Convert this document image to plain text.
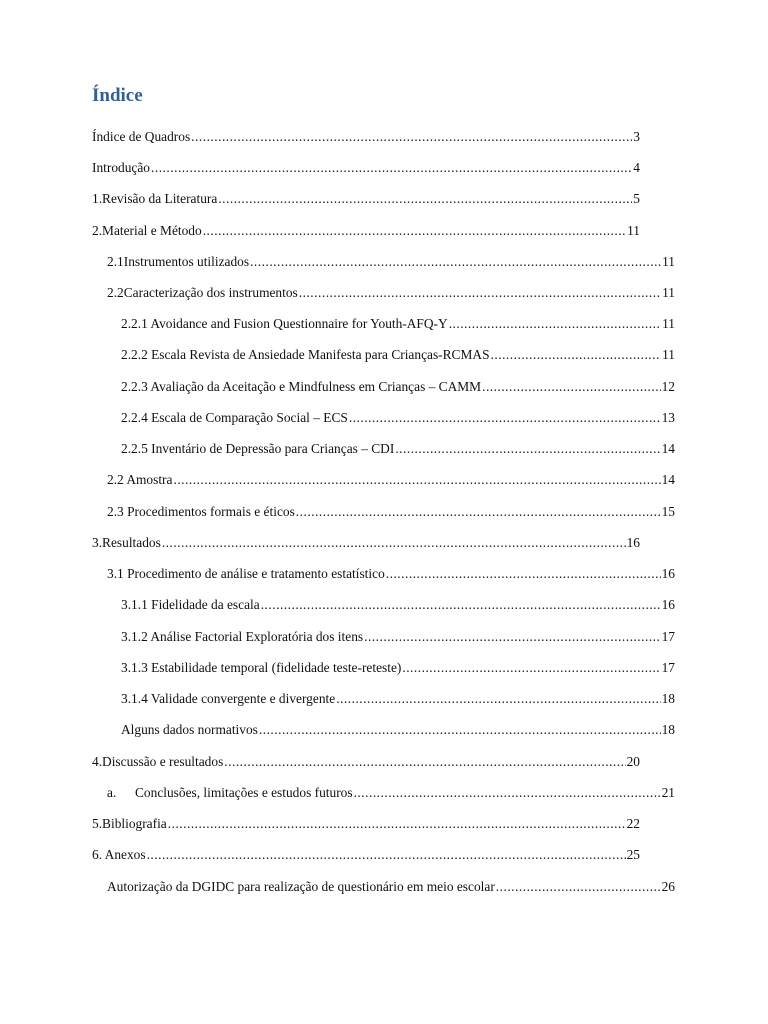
Índice
Índice de Quadros .....	3
Introdução .....	4
1.Revisão da Literatura .....	5
2.Material e Método .....	11
2.1Instrumentos utilizados .....	11
2.2Caracterização dos instrumentos .....	11
2.2.1 Avoidance and Fusion Questionnaire for Youth-AFQ-Y .....	11
2.2.2 Escala Revista de Ansiedade Manifesta para Crianças-RCMAS .....	11
2.2.3 Avaliação da Aceitação e Mindfulness em Crianças – CAMM .....	12
2.2.4 Escala de Comparação Social – ECS .....	13
2.2.5 Inventário de Depressão para Crianças – CDI .....	14
2.2 Amostra .....	14
2.3 Procedimentos formais e éticos .....	15
3.Resultados .....	16
3.1 Procedimento de análise e tratamento estatístico .....	16
3.1.1 Fidelidade da escala .....	16
3.1.2 Análise Factorial Exploratória dos itens .....	17
3.1.3 Estabilidade temporal (fidelidade teste-reteste) .....	17
3.1.4 Validade convergente e divergente .....	18
Alguns dados normativos .....	18
4.Discussão e resultados .....	20
a. Conclusões, limitações e estudos futuros .....	21
5.Bibliografia .....	22
6. Anexos .....	25
Autorização da DGIDC para realização de questionário em meio escolar .....	26
